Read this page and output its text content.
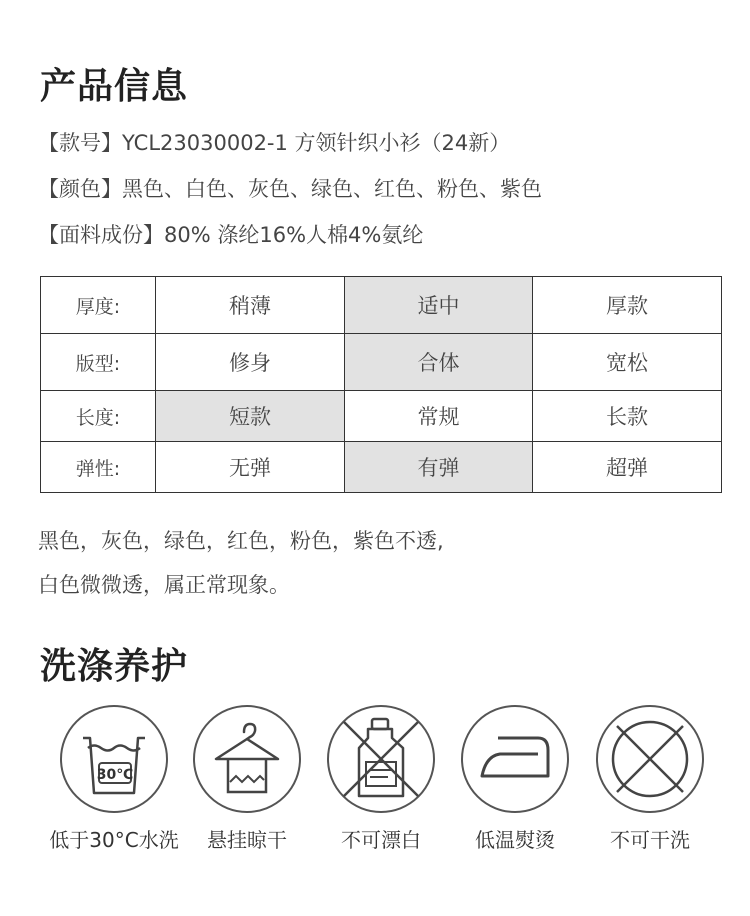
产品信息
【款号】YCL23030002-1 方领针织小衫（24新）
【颜色】黑色、白色、灰色、绿色、红色、粉色、紫色
【面料成份】80% 涤纶16%人棉4%氨纶
厚度:	稍薄	适中	厚款
版型:	修身	合体	宽松
长度:	短款	常规	长款
弹性:	无弹	有弹	超弹
黑色，灰色，绿色，红色，粉色，紫色不透,
白色微微透，属正常现象。
洗涤养护
30℃
低于30°C水洗	悬挂晾干	不可漂白	低温熨烫	不可干洗
